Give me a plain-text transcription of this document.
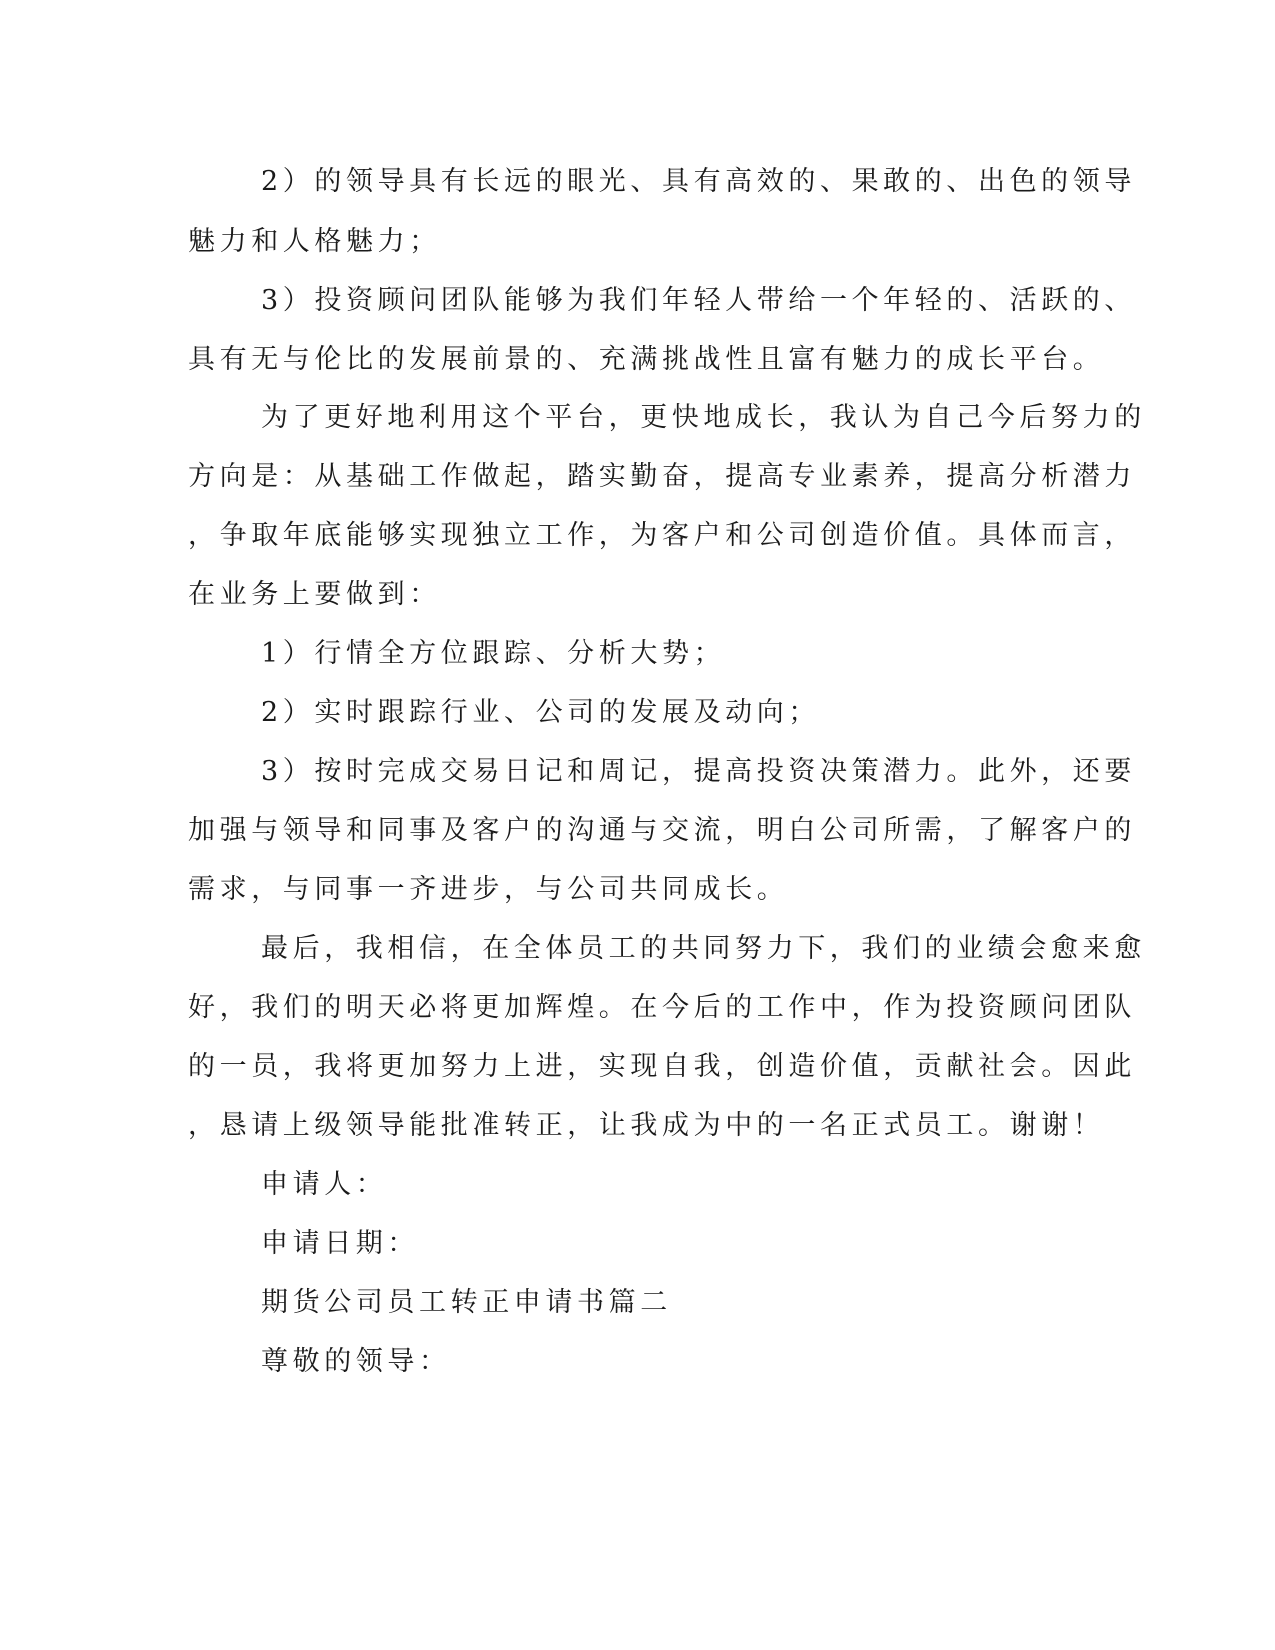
2）的领导具有长远的眼光、具有高效的、果敢的、出色的领导
魅力和人格魅力；
3）投资顾问团队能够为我们年轻人带给一个年轻的、活跃的、
具有无与伦比的发展前景的、充满挑战性且富有魅力的成长平台。
为了更好地利用这个平台，更快地成长，我认为自己今后努力的
方向是：从基础工作做起，踏实勤奋，提高专业素养，提高分析潜力
，争取年底能够实现独立工作，为客户和公司创造价值。具体而言，
在业务上要做到：
1）行情全方位跟踪、分析大势；
2）实时跟踪行业、公司的发展及动向；
3）按时完成交易日记和周记，提高投资决策潜力。此外，还要
加强与领导和同事及客户的沟通与交流，明白公司所需，了解客户的
需求，与同事一齐进步，与公司共同成长。
最后，我相信，在全体员工的共同努力下，我们的业绩会愈来愈
好，我们的明天必将更加辉煌。在今后的工作中，作为投资顾问团队
的一员，我将更加努力上进，实现自我，创造价值，贡献社会。因此
，恳请上级领导能批准转正，让我成为中的一名正式员工。谢谢！
申请人：
申请日期：
期货公司员工转正申请书篇二
尊敬的领导：
